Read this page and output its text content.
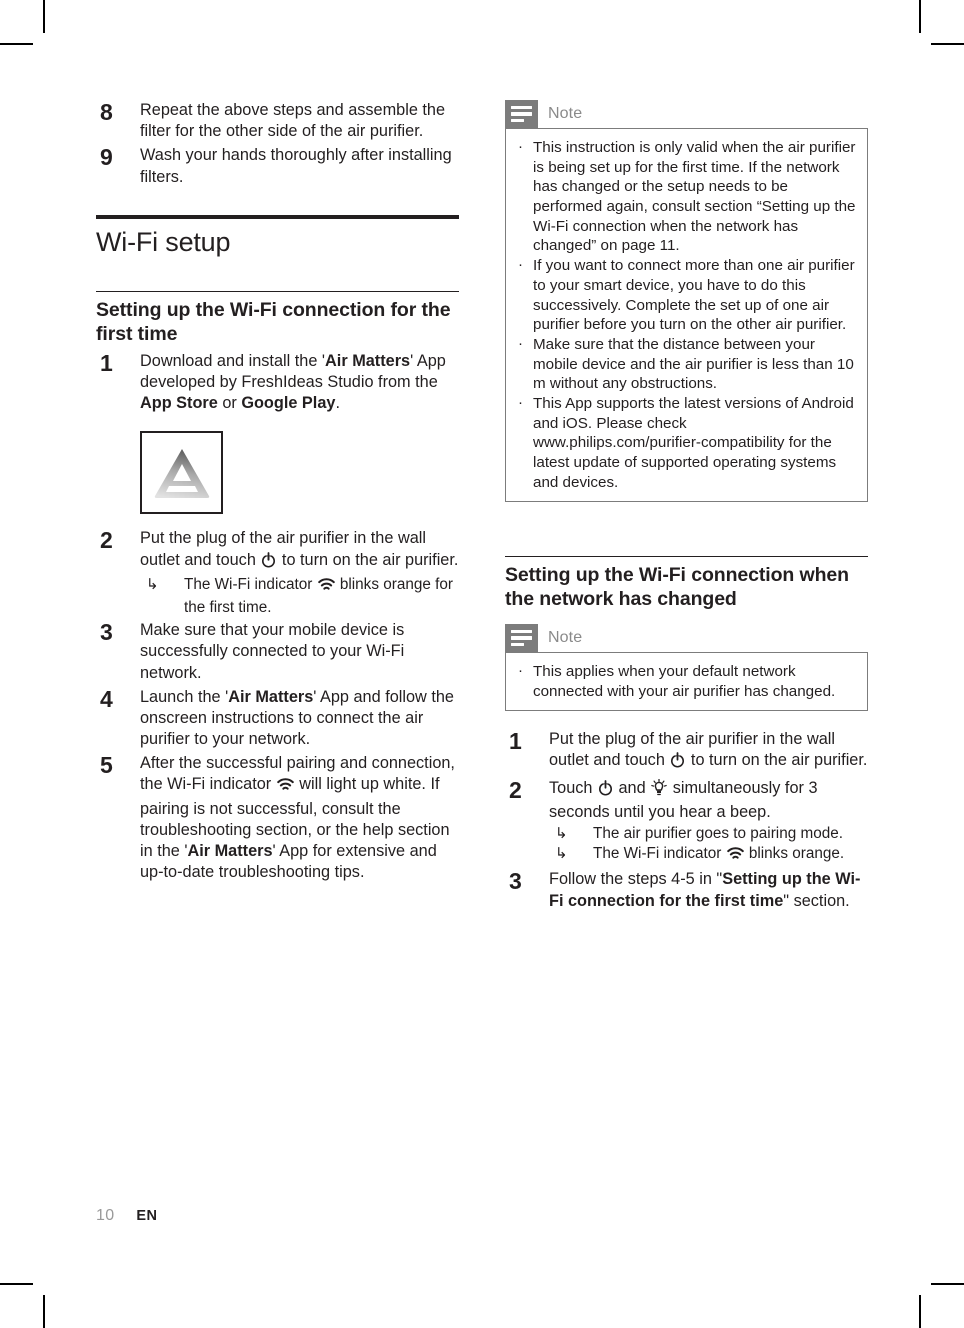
8	Repeat the above steps and assemble the filter for the other side of the air purifier.
9	Wash your hands thoroughly after installing filters.
Wi-Fi setup
Setting up the Wi-Fi connection for the first time
1	Download and install the 'Air Matters' App developed by FreshIdeas Studio from the App Store or Google Play.
2	Put the plug of the air purifier in the wall outlet and touch  to turn on the air purifier.
↳ The Wi-Fi indicator  blinks orange for the first time.
3	Make sure that your mobile device is successfully connected to your Wi-Fi network.
4	Launch the 'Air Matters' App and follow the onscreen instructions to connect the air purifier to your network.
5	After the successful pairing and connection, the Wi-Fi indicator  will light up white. If pairing is not successful, consult the troubleshooting section, or the help section in the 'Air Matters' App for extensive and up-to-date troubleshooting tips.
Note
· This instruction is only valid when the air purifier is being set up for the first time. If the network has changed or the setup needs to be performed again, consult section “Setting up the Wi-Fi connection when the network has changed” on page 11.
· If you want to connect more than one air purifier to your smart device, you have to do this successively. Complete the set up of one air purifier before you turn on the other air purifier.
· Make sure that the distance between your mobile device and the air purifier is less than 10 m without any obstructions.
· This App supports the latest versions of Android and iOS. Please check www.philips.com/purifier-compatibility for the latest update of supported operating systems and devices.
Setting up the Wi-Fi connection when the network has changed
Note
· This applies when your default network connected with your air purifier has changed.
1	Put the plug of the air purifier in the wall outlet and touch  to turn on the air purifier.
2	Touch  and  simultaneously for 3 seconds until you hear a beep.
↳ The air purifier goes to pairing mode.
↳ The Wi-Fi indicator  blinks orange.
3	Follow the steps 4-5 in "Setting up the Wi-Fi connection for the first time" section.
10 EN
